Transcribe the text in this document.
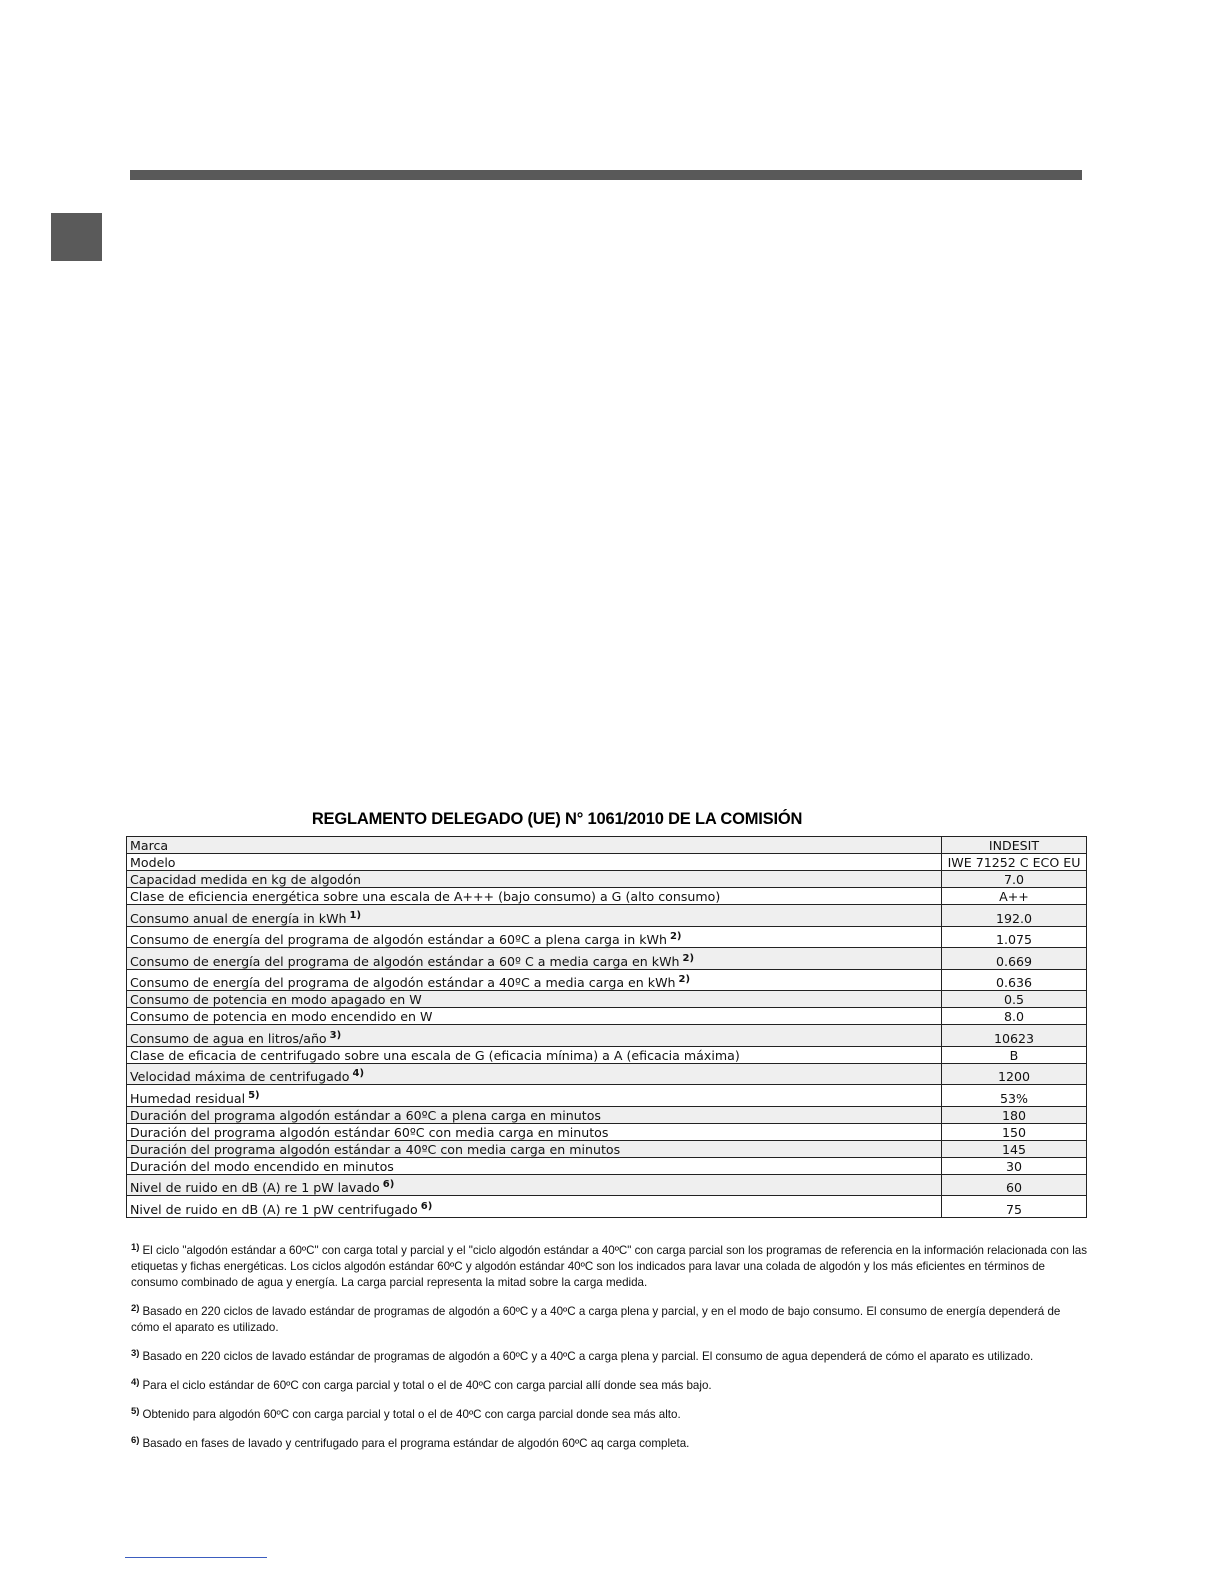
REGLAMENTO DELEGADO (UE) N° 1061/2010 DE LA COMISIÓN
Marca	INDESIT
Modelo	IWE 71252 C ECO EU
Capacidad medida en kg de algodón	7.0
Clase de eficiencia energética sobre una escala de A+++ (bajo consumo) a G (alto consumo)	A++
Consumo anual de energía in kWh $^{1)}$	192.0
Consumo de energía del programa de algodón estándar a 60ºC a plena carga in kWh $^{2)}$	1.075
Consumo de energía del programa de algodón estándar a 60º C a media carga en kWh $^{2)}$	0.669
Consumo de energía del programa de algodón estándar a 40ºC a media carga en kWh $^{2)}$	0.636
Consumo de potencia en modo apagado en W	0.5
Consumo de potencia en modo encendido en W	8.0
Consumo de agua en litros/año $^{3)}$	10623
Clase de eficacia de centrifugado sobre una escala de G (eficacia mínima) a A (eficacia máxima)	B
Velocidad máxima de centrifugado $^{4)}$	1200
Humedad residual $^{5)}$	53%
Duración del programa algodón estándar a 60ºC a plena carga en minutos	180
Duración del programa algodón estándar 60ºC con media carga en minutos	150
Duración del programa algodón estándar a 40ºC con media carga en minutos	145
Duración del modo encendido en minutos	30
Nivel de ruido en dB (A) re 1 pW lavado $^{6)}$	60
Nivel de ruido en dB (A) re 1 pW centrifugado $^{6)}$	75
$^{1)}$ El ciclo "algodón estándar a 60ºC" con carga total y parcial y el "ciclo algodón estándar a 40ºC" con carga parcial son los programas de referencia en la información relacionada con las etiquetas y fichas energéticas. Los ciclos algodón estándar 60ºC y algodón estándar 40ºC son los indicados para lavar una colada de algodón y los más eficientes en términos de consumo combinado de agua y energía. La carga parcial representa la mitad sobre la carga medida.
$^{2)}$ Basado en 220 ciclos de lavado estándar de programas de algodón a 60ºC y a 40ºC a carga plena y parcial, y en el modo de bajo consumo. El consumo de energía dependerá de cómo el aparato es utilizado.
$^{3)}$ Basado en 220 ciclos de lavado estándar de programas de algodón a 60ºC y a 40ºC a carga plena y parcial. El consumo de agua dependerá de cómo el aparato es utilizado.
$^{4)}$ Para el ciclo estándar de 60ºC con carga parcial y total o el de 40ºC con carga parcial allí donde sea más bajo.
$^{5)}$ Obtenido para algodón 60ºC con carga parcial y total o el de 40ºC con carga parcial donde sea más alto.
$^{6)}$ Basado en fases de lavado y centrifugado para el programa estándar de algodón 60ºC aq carga completa.
